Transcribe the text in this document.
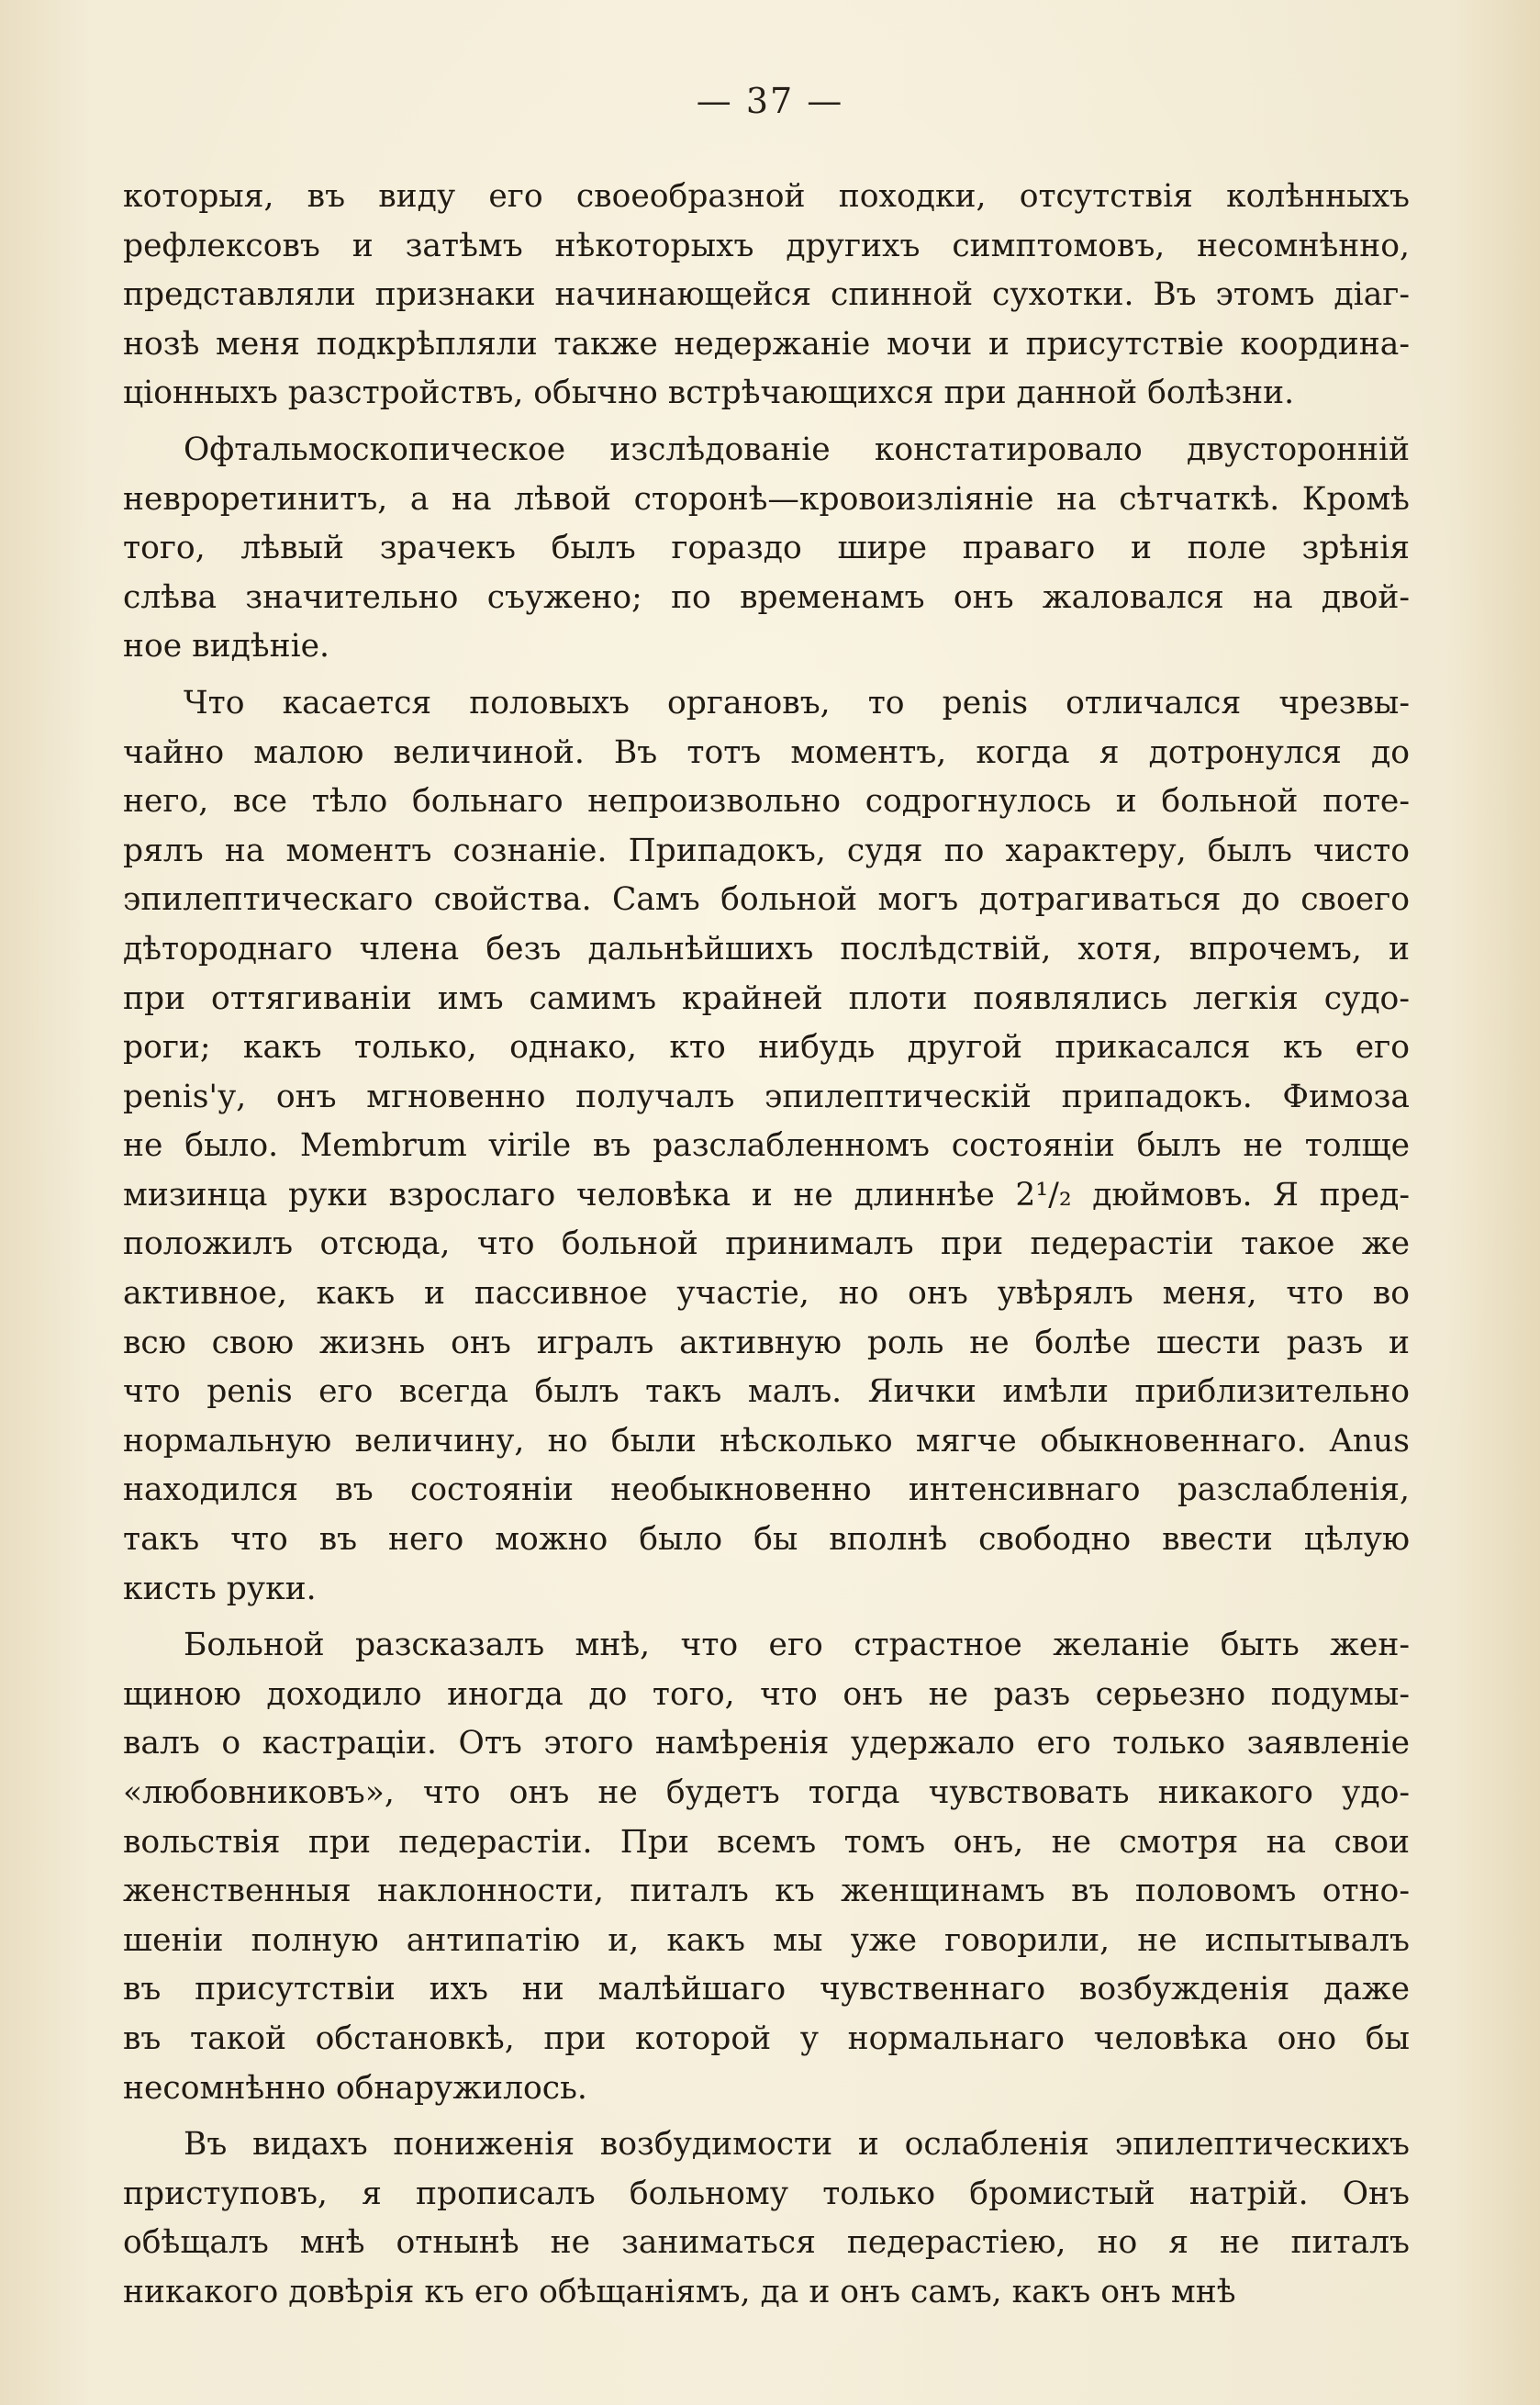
— 37 —
которыя, въ виду его своеобразной походки, отсутствія колѣнныхъ
рефлексовъ и затѣмъ нѣкоторыхъ другихъ симптомовъ, несомнѣнно,
представляли признаки начинающейся спинной сухотки. Въ этомъ діаг-
нозѣ меня подкрѣпляли также недержаніе мочи и присутствіе координа-
ціонныхъ разстройствъ, обычно встрѣчающихся при данной болѣзни.
Офтальмоскопическое изслѣдованіе констатировало двусторонній
невроретинитъ, а на лѣвой сторонѣ—кровоизліяніе на сѣтчаткѣ. Кромѣ
того, лѣвый зрачекъ былъ гораздо шире праваго и поле зрѣнія
слѣва значительно съужено; по временамъ онъ жаловался на двой-
ное видѣніе.
Что касается половыхъ органовъ, то penis отличался чрезвы-
чайно малою величиной. Въ тотъ моментъ, когда я дотронулся до
него, все тѣло больнаго непроизвольно содрогнулось и больной поте-
рялъ на моментъ сознаніе. Припадокъ, судя по характеру, былъ чисто
эпилептическаго свойства. Самъ больной могъ дотрагиваться до своего
дѣтороднаго члена безъ дальнѣйшихъ послѣдствій, хотя, впрочемъ, и
при оттягиваніи имъ самимъ крайней плоти появлялись легкія судо-
роги; какъ только, однако, кто нибудь другой прикасался къ его
penis'у, онъ мгновенно получалъ эпилептическій припадокъ. Фимоза
не было. Membrum virile въ разслабленномъ состояніи былъ не толще
мизинца руки взрослаго человѣка и не длиннѣе 2¹/₂ дюймовъ. Я пред-
положилъ отсюда, что больной принималъ при педерастіи такое же
активное, какъ и пассивное участіе, но онъ увѣрялъ меня, что во
всю свою жизнь онъ игралъ активную роль не болѣе шести разъ и
что penis его всегда былъ такъ малъ. Яички имѣли приблизительно
нормальную величину, но были нѣсколько мягче обыкновеннаго. Anus
находился въ состояніи необыкновенно интенсивнаго разслабленія,
такъ что въ него можно было бы вполнѣ свободно ввести цѣлую
кисть руки.
Больной разсказалъ мнѣ, что его страстное желаніе быть жен-
щиною доходило иногда до того, что онъ не разъ серьезно подумы-
валъ о кастраціи. Отъ этого намѣренія удержало его только заявленіе
«любовниковъ», что онъ не будетъ тогда чувствовать никакого удо-
вольствія при педерастіи. При всемъ томъ онъ, не смотря на свои
женственныя наклонности, питалъ къ женщинамъ въ половомъ отно-
шеніи полную антипатію и, какъ мы уже говорили, не испытывалъ
въ присутствіи ихъ ни малѣйшаго чувственнаго возбужденія даже
въ такой обстановкѣ, при которой у нормальнаго человѣка оно бы
несомнѣнно обнаружилось.
Въ видахъ пониженія возбудимости и ослабленія эпилептическихъ
приступовъ, я прописалъ больному только бромистый натрій. Онъ
обѣщалъ мнѣ отнынѣ не заниматься педерастіею, но я не питалъ
никакого довѣрія къ его обѣщаніямъ, да и онъ самъ, какъ онъ мнѣ
